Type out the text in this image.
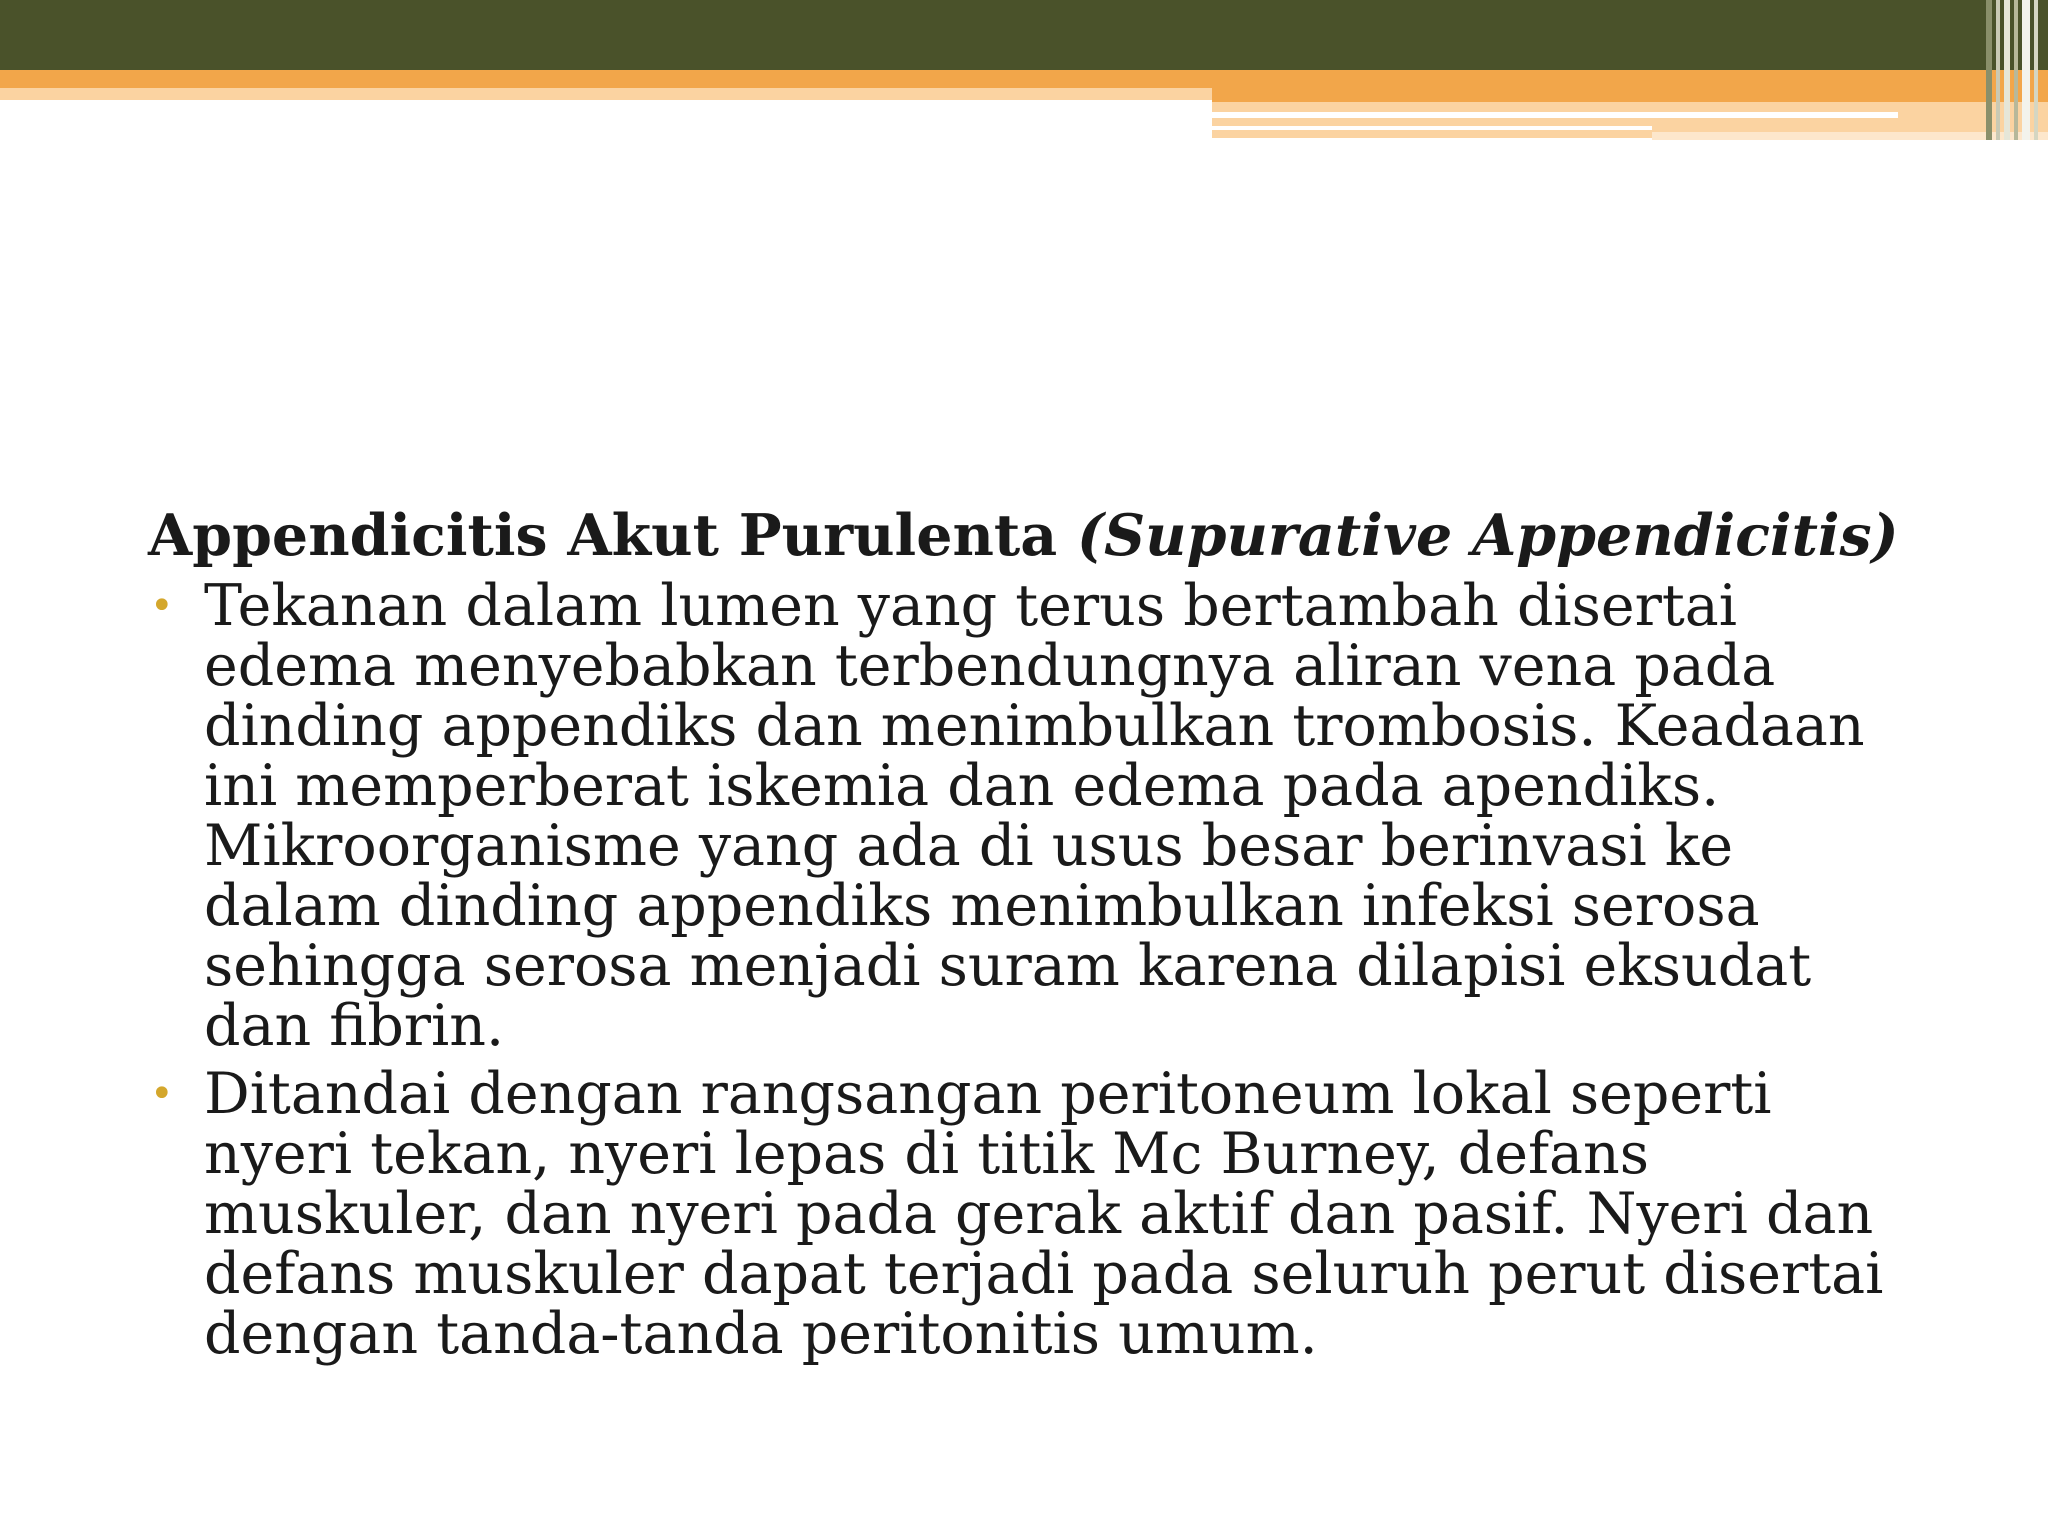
Appendicitis Akut Purulenta (Supurative Appendicitis)
• Tekanan dalam lumen yang terus bertambah disertai edema menyebabkan terbendungnya aliran vena pada dinding appendiks dan menimbulkan trombosis. Keadaan ini memperberat iskemia dan edema pada apendiks. Mikroorganisme yang ada di usus besar berinvasi ke dalam dinding appendiks menimbulkan infeksi serosa sehingga serosa menjadi suram karena dilapisi eksudat dan fibrin.
• Ditandai dengan rangsangan peritoneum lokal seperti nyeri tekan, nyeri lepas di titik Mc Burney, defans muskuler, dan nyeri pada gerak aktif dan pasif. Nyeri dan defans muskuler dapat terjadi pada seluruh perut disertai dengan tanda-tanda peritonitis umum.
